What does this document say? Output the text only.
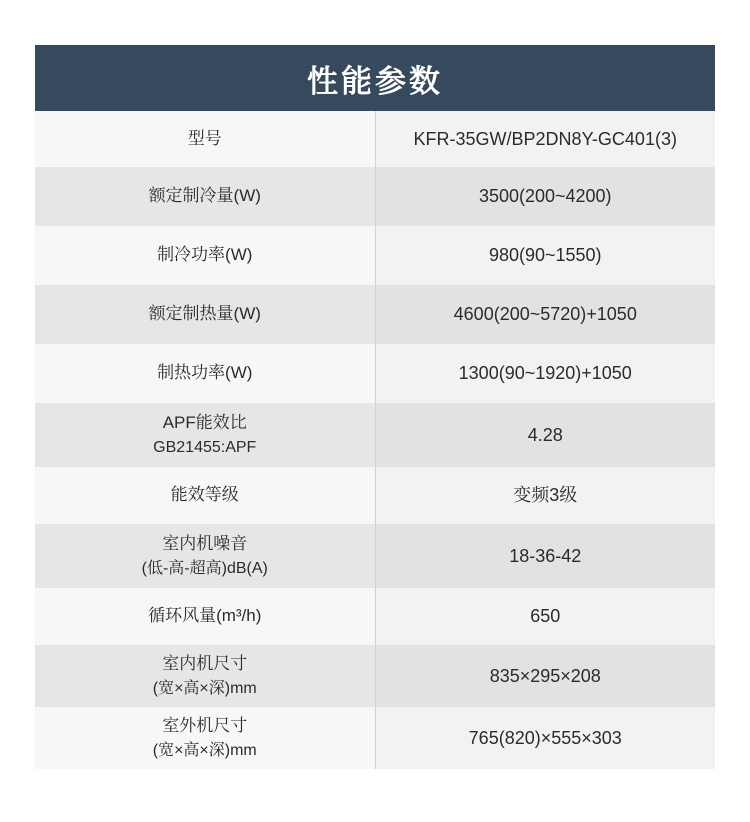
性能参数	
型号	KFR-35GW/BP2DN8Y-GC401(3)
额定制冷量(W)	3500(200~4200)
制冷功率(W)	980(90~1550)
额定制热量(W)	4600(200~5720)+1050
制热功率(W)	1300(90~1920)+1050
APF能效比
GB21455:APF	4.28
能效等级	变频3级
室内机噪音
(低-高-超高)dB(A)	18-36-42
循环风量(m³/h)	650
室内机尺寸
(宽×高×深)mm	835×295×208
室外机尺寸
(宽×高×深)mm	765(820)×555×303
